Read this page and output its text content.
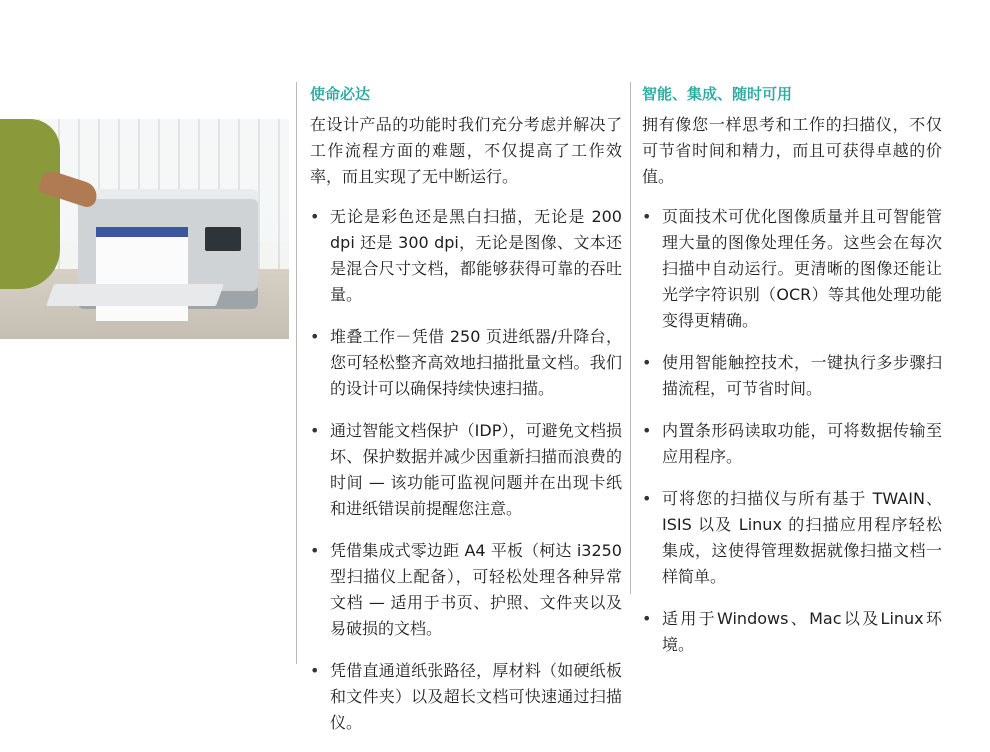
使命必达

在设计产品的功能时我们充分考虑并解决了工作流程方面的难题，不仅提高了工作效率，而且实现了无中断运行。

• 无论是彩色还是黑白扫描，无论是 200 dpi 还是 300 dpi，无论是图像、文本还是混合尺寸文档，都能够获得可靠的吞吐量。
• 堆叠工作－凭借 250 页进纸器/升降台，您可轻松整齐高效地扫描批量文档。我们的设计可以确保持续快速扫描。
• 通过智能文档保护（IDP），可避免文档损坏、保护数据并减少因重新扫描而浪费的时间 — 该功能可监视问题并在出现卡纸和进纸错误前提醒您注意。
• 凭借集成式零边距 A4 平板（柯达 i3250 型扫描仪上配备），可轻松处理各种异常文档 — 适用于书页、护照、文件夹以及易破损的文档。
• 凭借直通道纸张路径，厚材料（如硬纸板和文件夹）以及超长文档可快速通过扫描仪。
智能、集成、随时可用

拥有像您一样思考和工作的扫描仪，不仅可节省时间和精力，而且可获得卓越的价值。

• 页面技术可优化图像质量并且可智能管理大量的图像处理任务。这些会在每次扫描中自动运行。更清晰的图像还能让光学字符识别（OCR）等其他处理功能变得更精确。
• 使用智能触控技术，一键执行多步骤扫描流程，可节省时间。
• 内置条形码读取功能，可将数据传输至应用程序。
• 可将您的扫描仪与所有基于 TWAIN、ISIS 以及 Linux 的扫描应用程序轻松集成，这使得管理数据就像扫描文档一样简单。
• 适用于Windows、Mac以及Linux环境。
